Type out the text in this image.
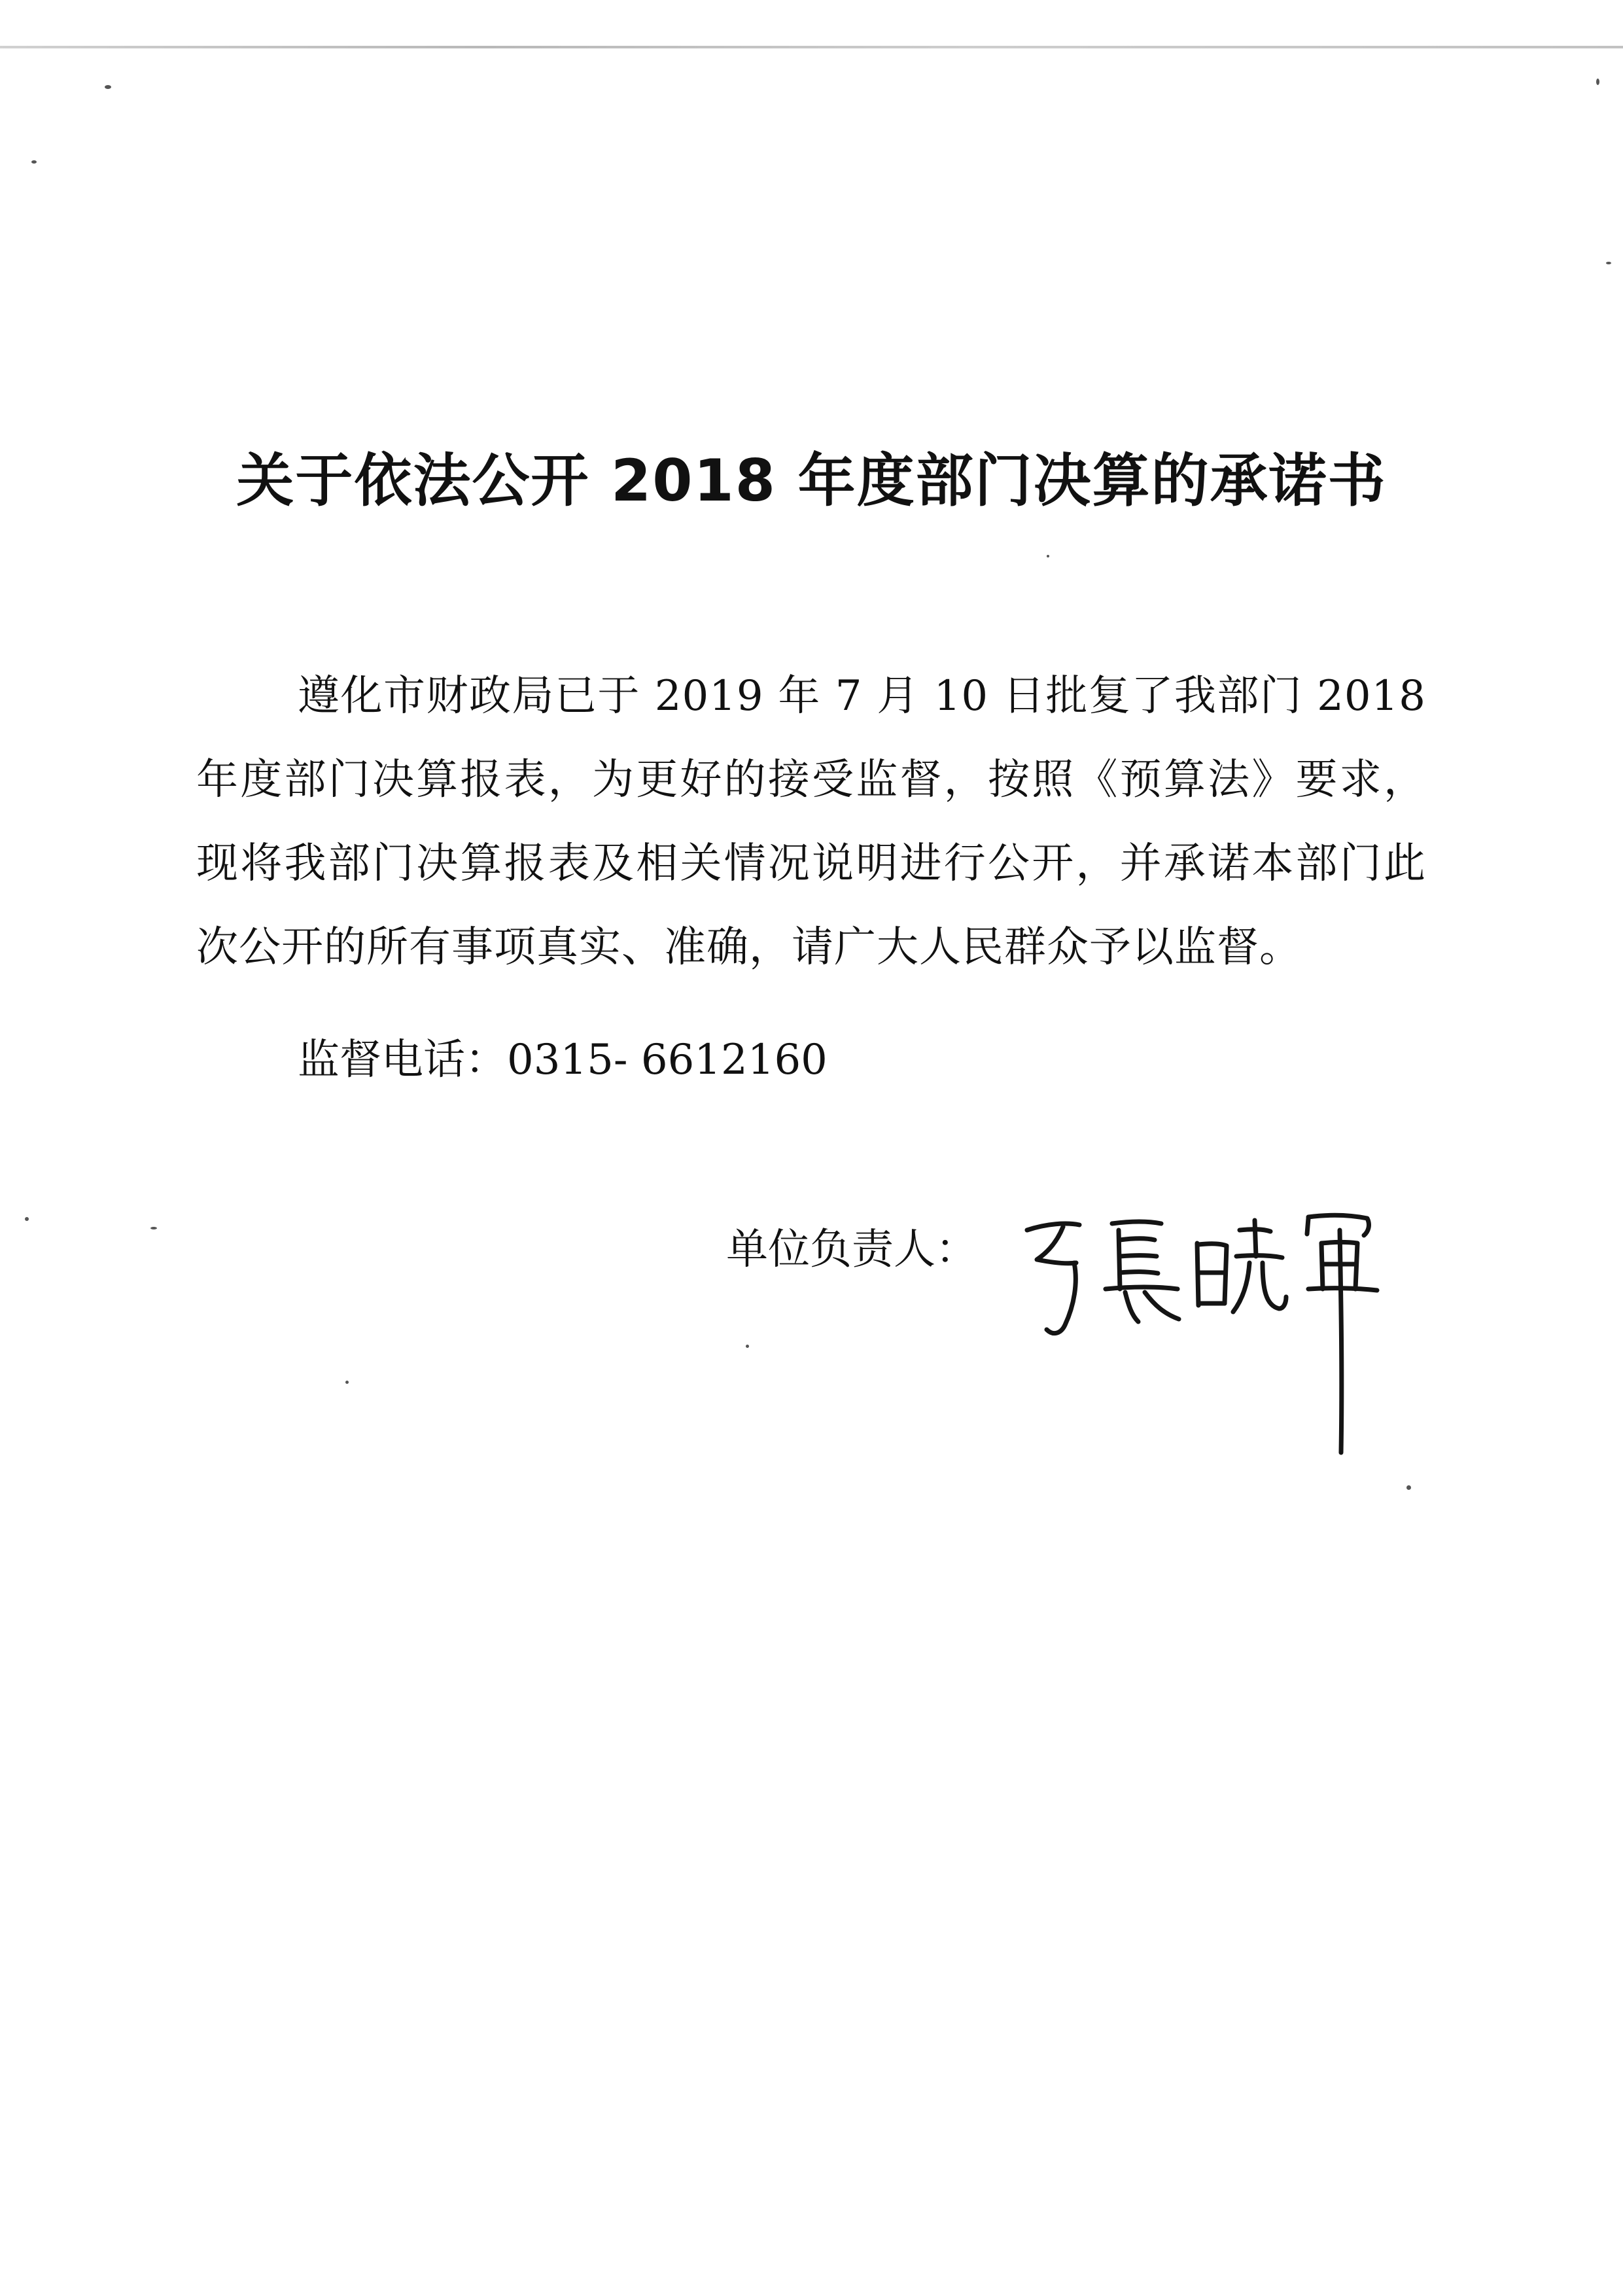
关于依法公开 2018 年度部门决算的承诺书

遵化市财政局已于 2019 年 7 月 10 日批复了我部门 2018 年度部门决算报表，为更好的接受监督，按照《预算法》要求，现将我部门决算报表及相关情况说明进行公开，并承诺本部门此次公开的所有事项真实、准确，请广大人民群众予以监督。

监督电话：0315- 6612160

单位负责人：
